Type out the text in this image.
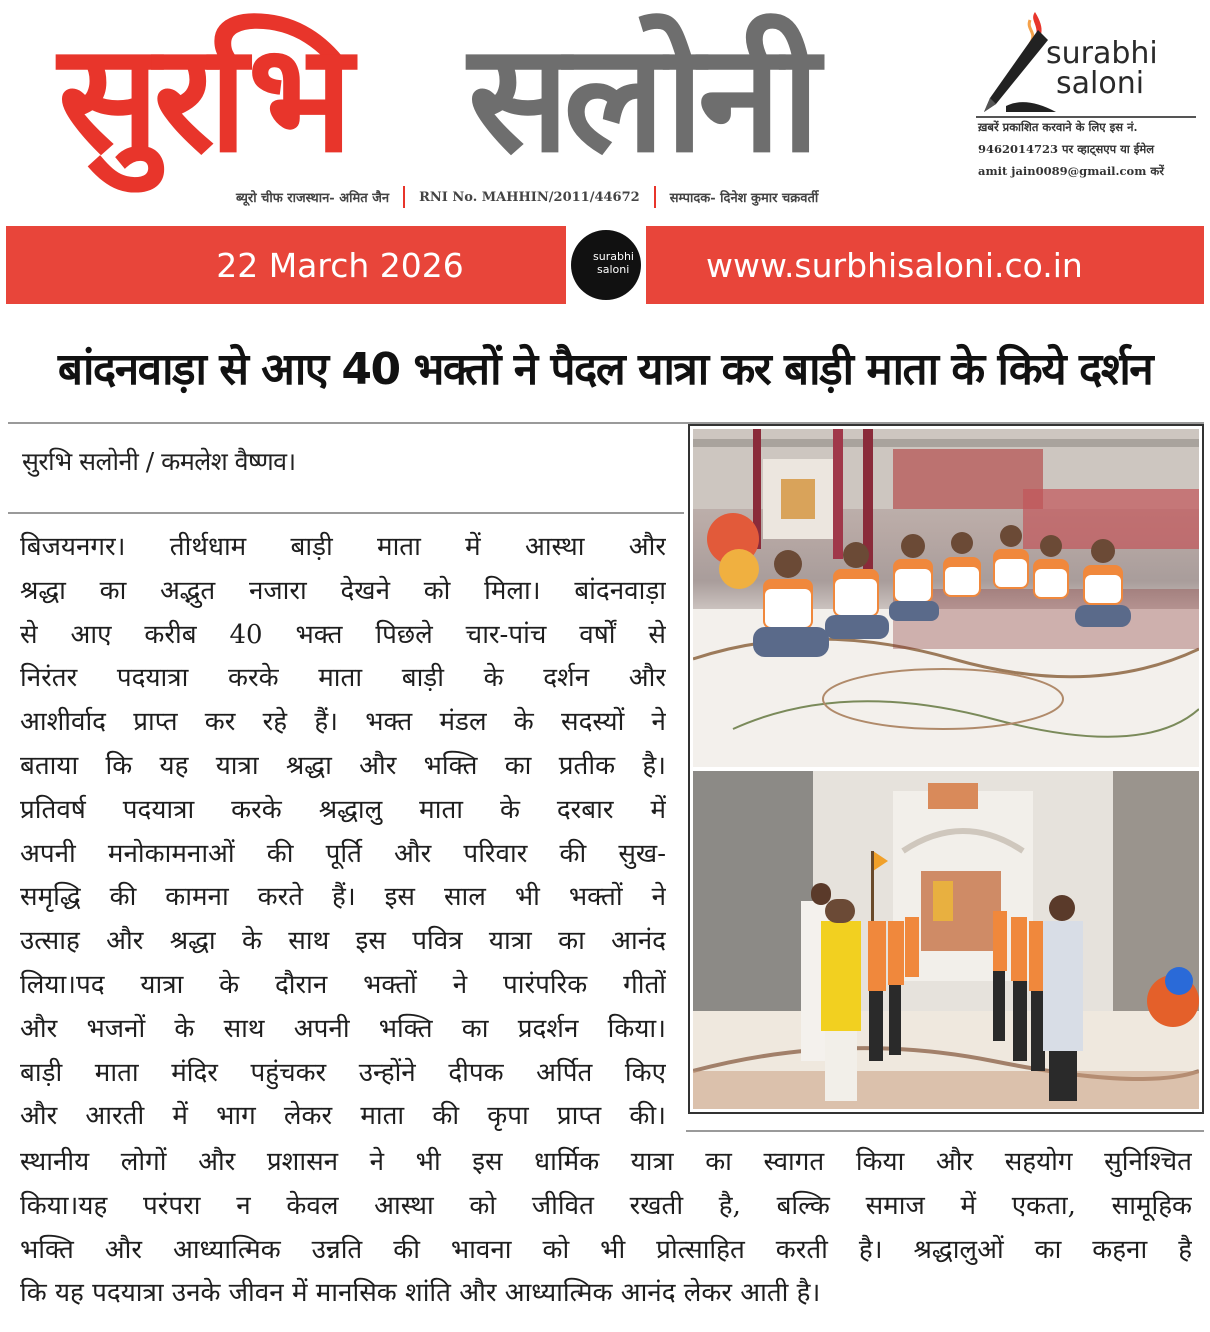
सुरभि सलोनी
ब्यूरो चीफ राजस्थान- अमित जैन RNI No. MAHHIN/2011/44672 सम्पादक- दिनेश कुमार चक्रवर्ती
surabhi
saloni
ख़बरें प्रकाशित करवाने के लिए इस नं.
9462014723 पर व्हाट्सएप या ईमेल
amit jain0089@gmail.com करें
22 March 2026	surabhi
saloni www.surbhisaloni.co.in
बांदनवाड़ा से आए 40 भक्तों ने पैदल यात्रा कर बाड़ी माता के किये दर्शन
सुरभि सलोनी / कमलेश वैष्णव।
बिजयनगर। तीर्थधाम बाड़ी माता में आस्था और
श्रद्धा का अद्भुत नजारा देखने को मिला। बांदनवाड़ा
से आए करीब 40 भक्त पिछले चार-पांच वर्षों से
निरंतर पदयात्रा करके माता बाड़ी के दर्शन और
आशीर्वाद प्राप्त कर रहे हैं। भक्त मंडल के सदस्यों ने
बताया कि यह यात्रा श्रद्धा और भक्ति का प्रतीक है।
प्रतिवर्ष पदयात्रा करके श्रद्धालु माता के दरबार में
अपनी मनोकामनाओं की पूर्ति और परिवार की सुख-
समृद्धि की कामना करते हैं। इस साल भी भक्तों ने
उत्साह और श्रद्धा के साथ इस पवित्र यात्रा का आनंद
लिया।पद यात्रा के दौरान भक्तों ने पारंपरिक गीतों
और भजनों के साथ अपनी भक्ति का प्रदर्शन किया।
बाड़ी माता मंदिर पहुंचकर उन्होंने दीपक अर्पित किए
और आरती में भाग लेकर माता की कृपा प्राप्त की।
स्थानीय लोगों और प्रशासन ने भी इस धार्मिक यात्रा का स्वागत किया और सहयोग सुनिश्चित
किया।यह परंपरा न केवल आस्था को जीवित रखती है, बल्कि समाज में एकता, सामूहिक
भक्ति और आध्यात्मिक उन्नति की भावना को भी प्रोत्साहित करती है। श्रद्धालुओं का कहना है
कि यह पदयात्रा उनके जीवन में मानसिक शांति और आध्यात्मिक आनंद लेकर आती है।
